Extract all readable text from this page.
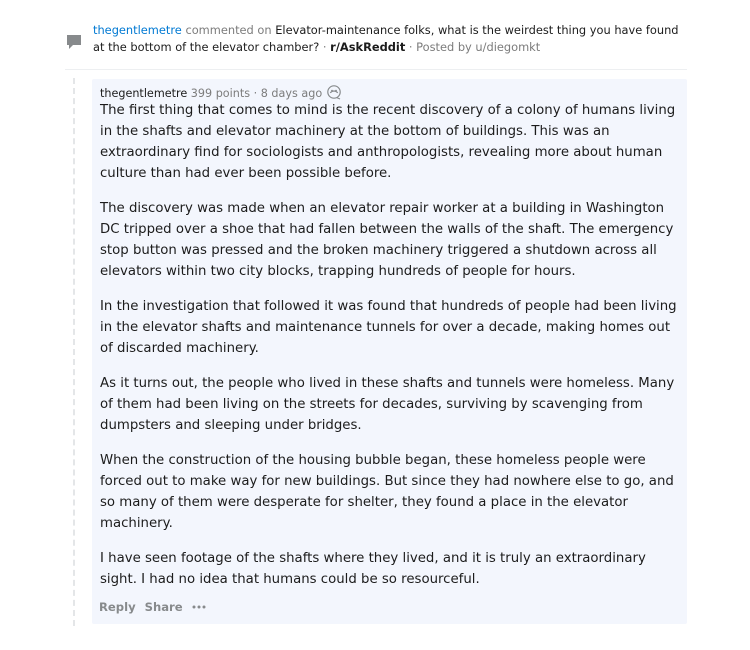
thegentlemetre commented on Elevator-maintenance folks, what is the weirdest thing you have found at the bottom of the elevator chamber? · r/AskReddit · Posted by u/diegomkt
thegentlemetre 399 points · 8 days ago

The first thing that comes to mind is the recent discovery of a colony of humans living in the shafts and elevator machinery at the bottom of buildings. This was an extraordinary find for sociologists and anthropologists, revealing more about human culture than had ever been possible before.

The discovery was made when an elevator repair worker at a building in Washington DC tripped over a shoe that had fallen between the walls of the shaft. The emergency stop button was pressed and the broken machinery triggered a shutdown across all elevators within two city blocks, trapping hundreds of people for hours.

In the investigation that followed it was found that hundreds of people had been living in the elevator shafts and maintenance tunnels for over a decade, making homes out of discarded machinery.

As it turns out, the people who lived in these shafts and tunnels were homeless. Many of them had been living on the streets for decades, surviving by scavenging from dumpsters and sleeping under bridges.

When the construction of the housing bubble began, these homeless people were forced out to make way for new buildings. But since they had nowhere else to go, and so many of them were desperate for shelter, they found a place in the elevator machinery.

I have seen footage of the shafts where they lived, and it is truly an extraordinary sight. I had no idea that humans could be so resourceful.

Reply Share
